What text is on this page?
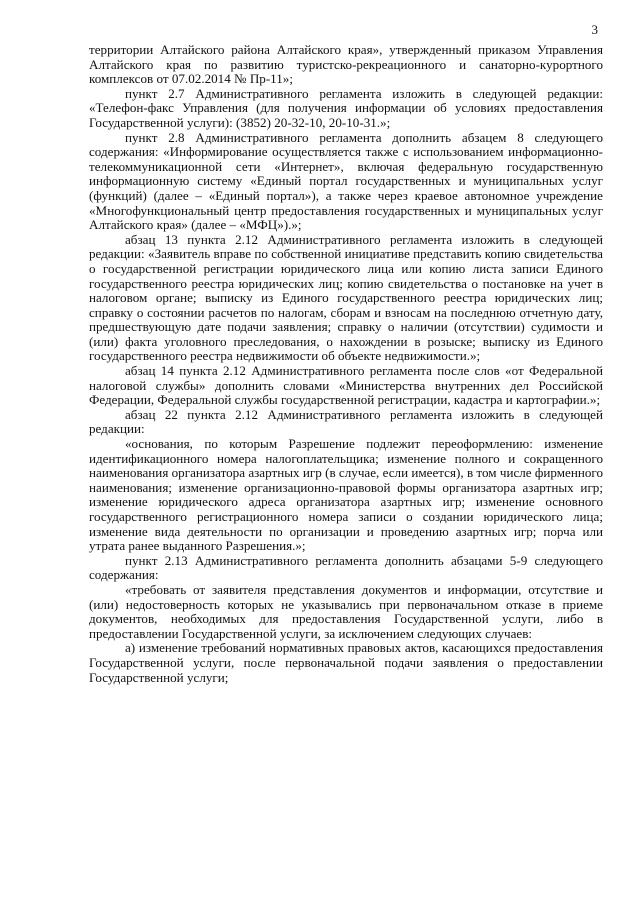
3

территории Алтайского района Алтайского края», утвержденный приказом Управления Алтайского края по развитию туристско-рекреационного и санаторно-курортного комплексов от 07.02.2014 № Пр-11»;

пункт 2.7 Административного регламента изложить в следующей редакции: «Телефон-факс Управления (для получения информации об условиях предоставления Государственной услуги): (3852) 20-32-10, 20-10-31.»;

пункт 2.8 Административного регламента дополнить абзацем 8 следующего содержания: «Информирование осуществляется также с использованием информационно-телекоммуникационной сети «Интернет», включая федеральную государственную информационную систему «Единый портал государственных и муниципальных услуг (функций) (далее – «Единый портал»), а также через краевое автономное учреждение «Многофункциональный центр предоставления государственных и муниципальных услуг Алтайского края» (далее – «МФЦ»).»;

абзац 13 пункта 2.12 Административного регламента изложить в следующей редакции: «Заявитель вправе по собственной инициативе представить копию свидетельства о государственной регистрации юридического лица или копию листа записи Единого государственного реестра юридических лиц; копию свидетельства о постановке на учет в налоговом органе; выписку из Единого государственного реестра юридических лиц; справку о состоянии расчетов по налогам, сборам и взносам на последнюю отчетную дату, предшествующую дате подачи заявления; справку о наличии (отсутствии) судимости и (или) факта уголовного преследования, о нахождении в розыске; выписку из Единого государственного реестра недвижимости об объекте недвижимости.»;

абзац 14 пункта 2.12 Административного регламента после слов «от Федеральной налоговой службы» дополнить словами «Министерства внутренних дел Российской Федерации, Федеральной службы государственной регистрации, кадастра и картографии.»;

абзац 22 пункта 2.12 Административного регламента изложить в следующей редакции:

«основания, по которым Разрешение подлежит переоформлению: изменение идентификационного номера налогоплательщика; изменение полного и сокращенного наименования организатора азартных игр (в случае, если имеется), в том числе фирменного наименования; изменение организационно-правовой формы организатора азартных игр; изменение юридического адреса организатора азартных игр; изменение основного государственного регистрационного номера записи о создании юридического лица; изменение вида деятельности по организации и проведению азартных игр; порча или утрата ранее выданного Разрешения.»;

пункт 2.13 Административного регламента дополнить абзацами 5-9 следующего содержания:

«требовать от заявителя представления документов и информации, отсутствие и (или) недостоверность которых не указывались при первоначальном отказе в приеме документов, необходимых для предоставления Государственной услуги, либо в предоставлении Государственной услуги, за исключением следующих случаев:

а) изменение требований нормативных правовых актов, касающихся предоставления Государственной услуги, после первоначальной подачи заявления о предоставлении Государственной услуги;
